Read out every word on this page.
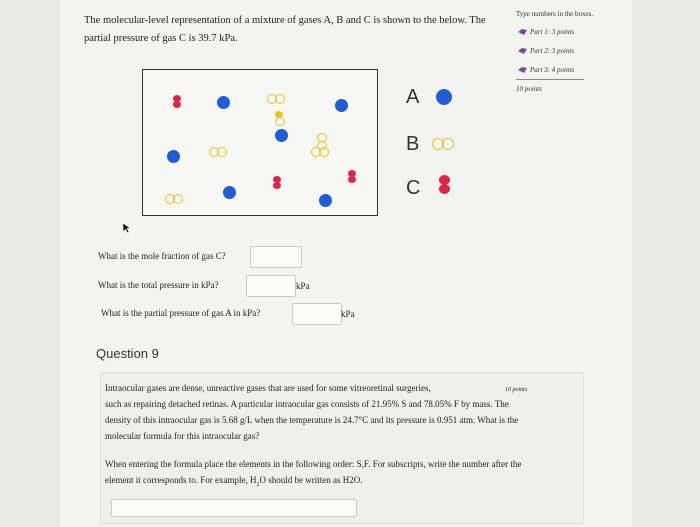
The molecular-level representation of a mixture of gases A, B and C is shown to the below. The
partial pressure of gas C is 39.7 kPa.
Type numbers in the boxes.
Part 1: 3 points
Part 2: 3 points
Part 3: 4 points
10 points
A
B
C
What is the mole fraction of gas C?
What is the total pressure in kPa?	kPa
What is the partial pressure of gas A in kPa?	kPa
Question 9
Intraocular gases are dense, unreactive gases that are used for some vitreoretinal surgeries,	10 points
such as repairing detached retinas. A particular intraocular gas consists of 21.95% S and 78.05% F by mass. The
density of this intraocular gas is 5.68 g/L when the temperature is 24.7°C and its pressure is 0.951 atm. What is the
molecular formula for this intraocular gas?
When entering the formula place the elements in the following order: S,F. For subscripts, write the number after the
element it corresponds to. For example, $H_2O$ should be written as H2O.
